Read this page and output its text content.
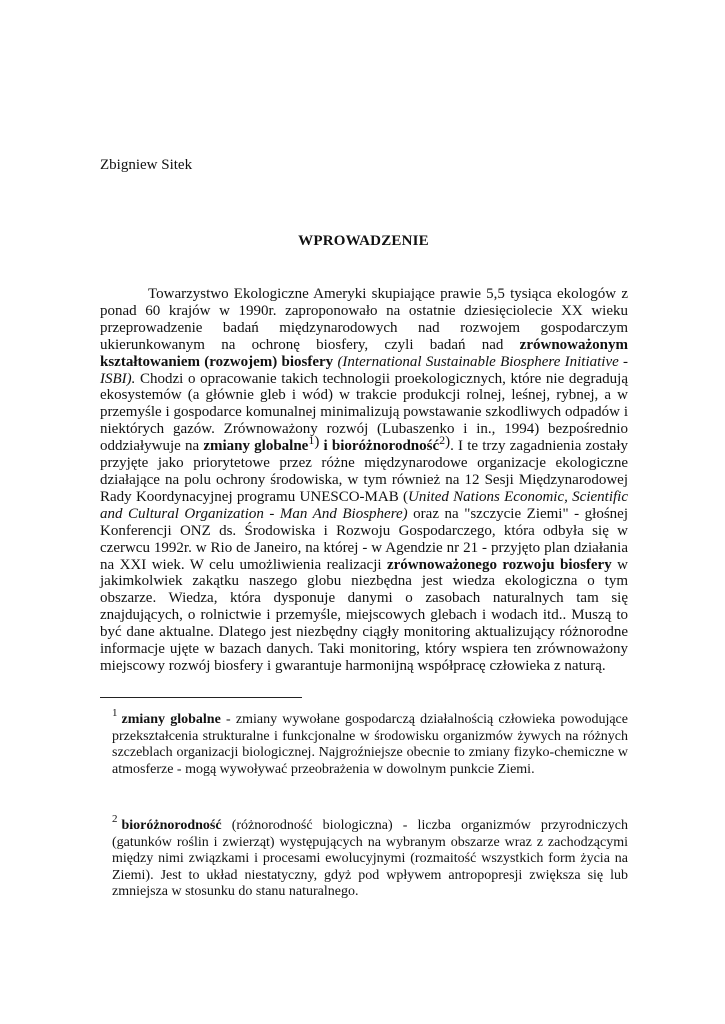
Zbigniew Sitek
WPROWADZENIE
Towarzystwo Ekologiczne Ameryki skupiające prawie 5,5 tysiąca ekologów z ponad 60 krajów w 1990r. zaproponowało na ostatnie dziesięciolecie XX wieku przeprowadzenie badań międzynarodowych nad rozwojem gospodarczym ukierunkowanym na ochronę biosfery, czyli badań nad zrównoważonym kształtowaniem (rozwojem) biosfery (International Sustainable Biosphere Initiative - ISBI). Chodzi o opracowanie takich technologii proekologicznych, które nie degradują ekosystemów (a głównie gleb i wód) w trakcie produkcji rolnej, leśnej, rybnej, a w przemyśle i gospodarce komunalnej minimalizują powstawanie szkodliwych odpadów i niektórych gazów. Zrównoważony rozwój (Lubaszenko i in., 1994) bezpośrednio oddziaływuje na zmiany globalne$^1$) i bioróżnorodność$^2$). I te trzy zagadnienia zostały przyjęte jako priorytetowe przez różne międzynarodowe organizacje ekologiczne działające na polu ochrony środowiska, w tym również na 12 Sesji Międzynarodowej Rady Koordynacyjnej programu UNESCO-MAB (United Nations Economic, Scientific and Cultural Organization - Man And Biosphere) oraz na "szczycie Ziemi" - głośnej Konferencji ONZ ds. Środowiska i Rozwoju Gospodarczego, która odbyła się w czerwcu 1992r. w Rio de Janeiro, na której - w Agendzie nr 21 - przyjęto plan działania na XXI wiek. W celu umożliwienia realizacji zrównoważonego rozwoju biosfery w jakimkolwiek zakątku naszego globu niezbędna jest wiedza ekologiczna o tym obszarze. Wiedza, która dysponuje danymi o zasobach naturalnych tam się znajdujących, o rolnictwie i przemyśle, miejscowych glebach i wodach itd.. Muszą to być dane aktualne. Dlatego jest niezbędny ciągły monitoring aktualizujący różnorodne informacje ujęte w bazach danych. Taki monitoring, który wspiera ten zrównoważony miejscowy rozwój biosfery i gwarantuje harmonijną współpracę człowieka z naturą.
$^1$ zmiany globalne - zmiany wywołane gospodarczą działalnością człowieka powodujące przekształcenia strukturalne i funkcjonalne w środowisku organizmów żywych na różnych szczeblach organizacji biologicznej. Najgroźniejsze obecnie to zmiany fizyko-chemiczne w atmosferze - mogą wywoływać przeobrażenia w dowolnym punkcie Ziemi.
$^2$ bioróżnorodność (różnorodność biologiczna) - liczba organizmów przyrodniczych (gatunków roślin i zwierząt) występujących na wybranym obszarze wraz z zachodzącymi między nimi związkami i procesami ewolucyjnymi (rozmaitość wszystkich form życia na Ziemi). Jest to układ niestatyczny, gdyż pod wpływem antropopresji zwiększa się lub zmniejsza w stosunku do stanu naturalnego.
